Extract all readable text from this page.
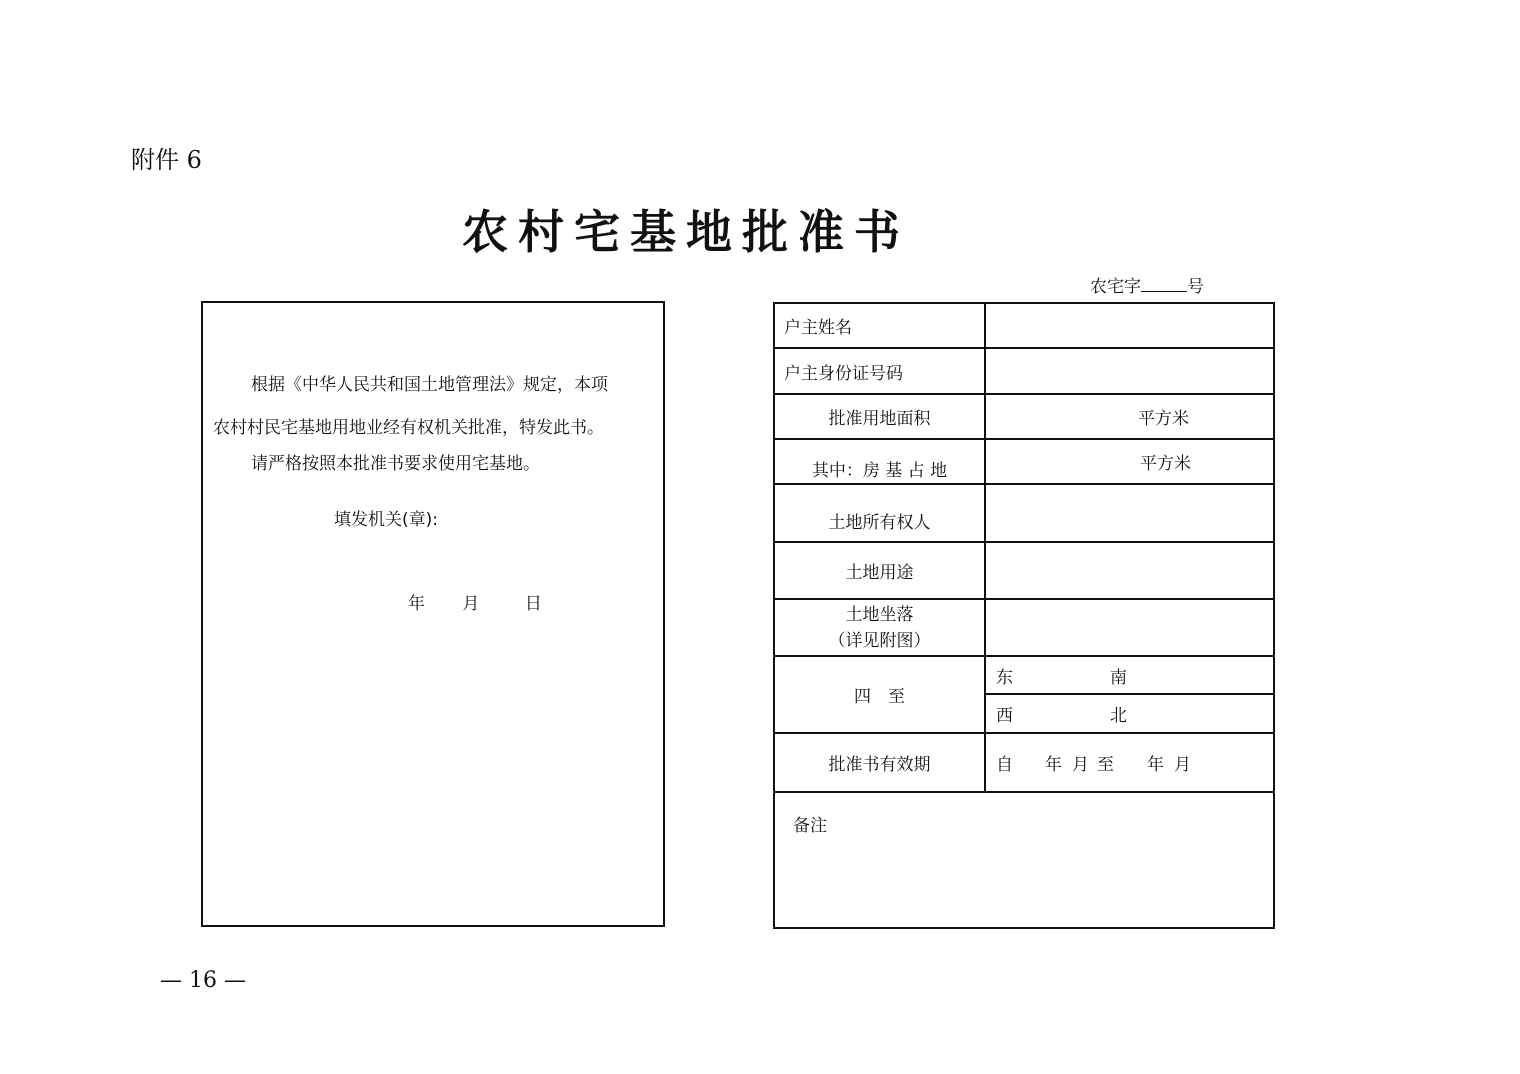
附件 6
农村宅基地批准书
农宅字	号
根据《中华人民共和国土地管理法》规定，本项
农村村民宅基地用地业经有权机关批准，特发此书。
请严格按照本批准书要求使用宅基地。
填发机关(章):
年 月	日
户主姓名
户主身份证号码
批准用地面积	平方米
其中：房 基 占 地	平方米
土地所有权人
土地用途
土地坐落
（详见附图）
四　至
东	南
西	北
批准书有效期	自 年 月 至 年 月
备注
— 16 —
